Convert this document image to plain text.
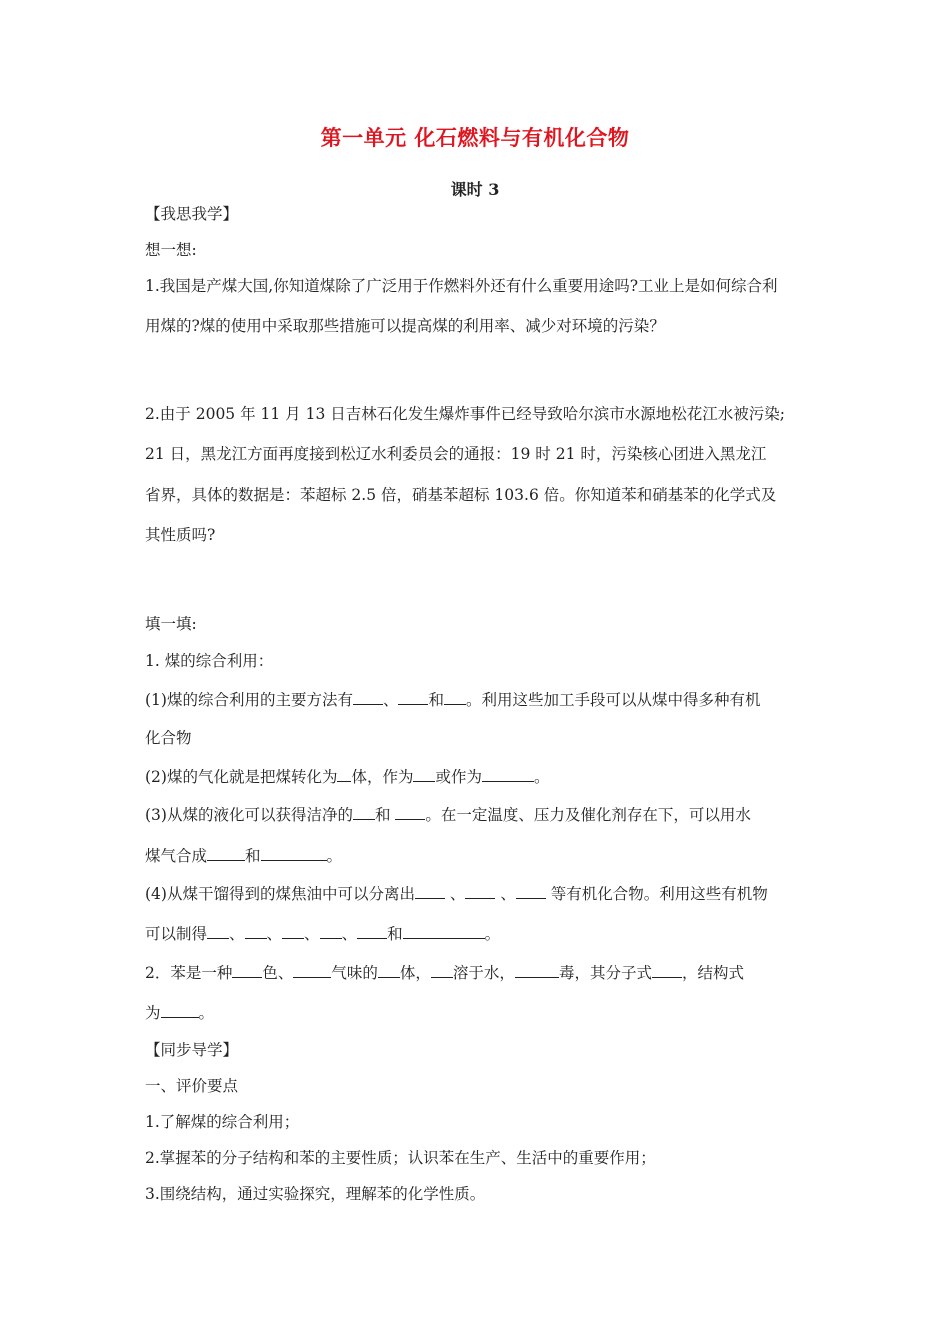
第一单元 化石燃料与有机化合物
课时 3
【我思我学】
想一想:
1.我国是产煤大国,你知道煤除了广泛用于作燃料外还有什么重要用途吗?工业上是如何综合利
用煤的?煤的使用中采取那些措施可以提高煤的利用率、减少对环境的污染？
2.由于 2005 年 11 月 13 日吉林石化发生爆炸事件已经导致哈尔滨市水源地松花江水被污染;
21 日，黑龙江方面再度接到松辽水利委员会的通报：19 时 21 时，污染核心团进入黑龙江
省界，具体的数据是：苯超标 2.5 倍，硝基苯超标 103.6 倍。你知道苯和硝基苯的化学式及
其性质吗?
填一填:
1. 煤的综合利用：
(1)煤的综合利用的主要方法有 、 和 。利用这些加工手段可以从煤中得多种有机
化合物
(2)煤的气化就是把煤转化为 体，作为 或作为	。
(3)从煤的液化可以获得洁净的 和 。在一定温度、压力及催化剂存在下，可以用水
煤气合成 和	。
(4)从煤干馏得到的煤焦油中可以分离出 、 、 等有机化合物。利用这些有机物
可以制得 、 、 、 、 和	。
2．苯是一种 色、 气味的 体， 溶于水，	毒，其分子式 ，结构式
为 。
【同步导学】
一、评价要点
1.了解煤的综合利用；
2.掌握苯的分子结构和苯的主要性质；认识苯在生产、生活中的重要作用；
3.围绕结构，通过实验探究，理解苯的化学性质。
